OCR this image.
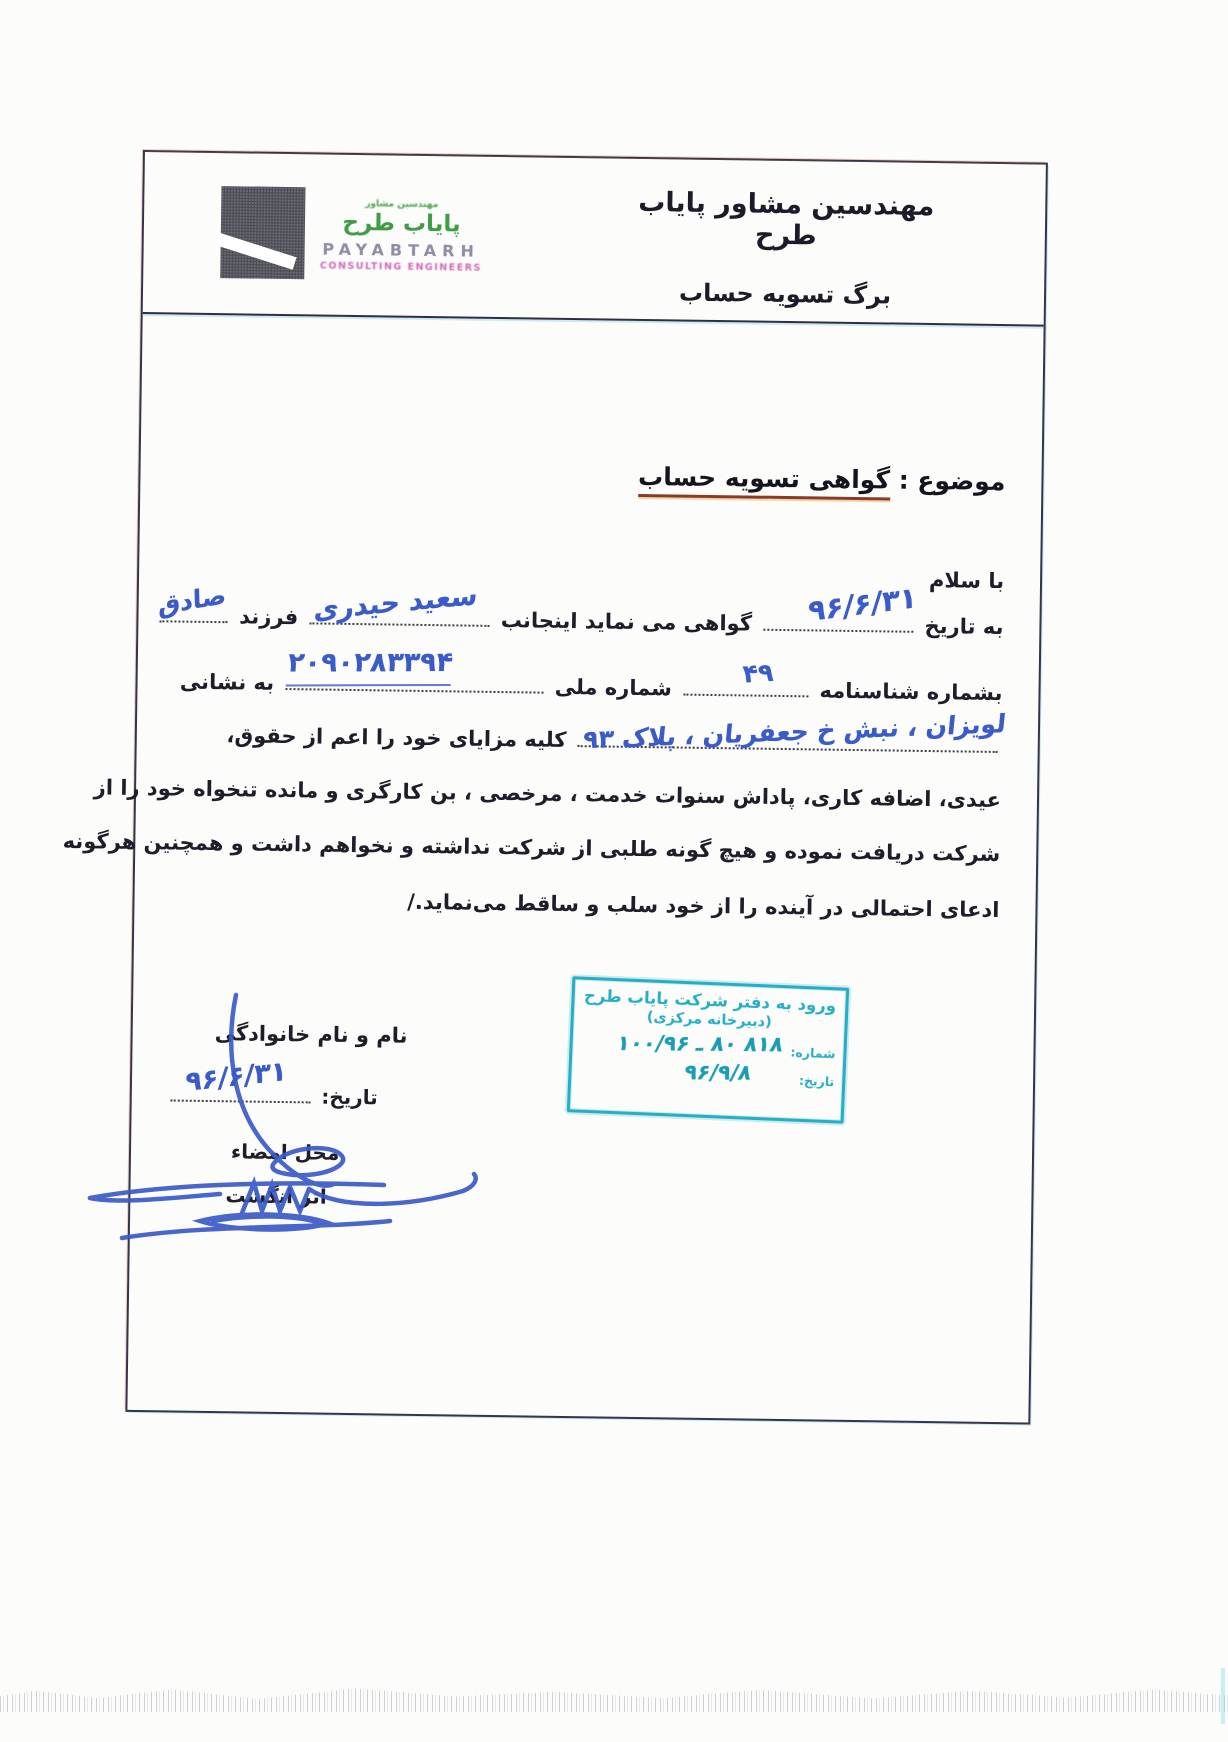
مهندسین مشاور
پایاب طرح
PAYABTARH
CONSULTING ENGINEERS
مهندسین مشاور پایاب طرح
برگ تسویه حساب
موضوع : گواهی تسویه حساب
با سلام
به تاریخ
۹۶/۶/۳۱
گواهی می نماید اینجانب
سعید حیدری
فرزند
صادق
بشماره شناسنامه
۴۹
شماره ملی
۲۰۹۰۲۸۳۳۹۴
به نشانی
لویزان ، نبش خ جعفریان ، پلاک ۹۳
کلیه مزایای خود را اعم از حقوق،
عیدی، اضافه کاری، پاداش سنوات خدمت ، مرخصی ، بن کارگری و مانده تنخواه خود را از
شرکت دریافت نموده و هیچ گونه طلبی از شرکت نداشته و نخواهم داشت و همچنین هرگونه
ادعای احتمالی در آینده را از خود سلب و ساقط می‌نماید./
ورود به دفتر شرکت پایاب طرح
(دبیرخانه مرکزی)
شماره:
۱۰۰/۹۶ ـ ۸۰ ۸۱۸
تاریخ:
۹۶/۹/۸
نام و نام خانوادگی
تاریخ:
۹۶/۶/۳۱
محل امضاء
اثر انگشت
